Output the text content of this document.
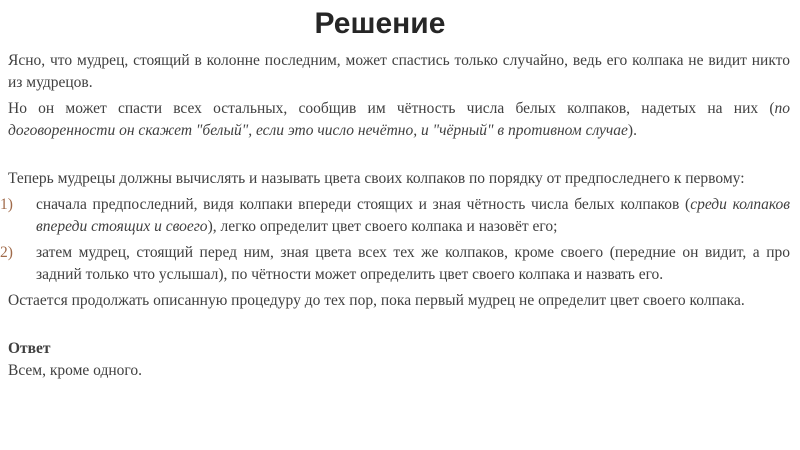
Решение

Ясно, что мудрец, стоящий в колонне последним, может спастись только случайно, ведь его колпака не видит никто из мудрецов.

Но он может спасти всех остальных, сообщив им чётность числа белых колпаков, надетых на них (по договоренности он скажет "белый", если это число нечётно, и "чёрный" в противном случае).

Теперь мудрецы должны вычислять и называть цвета своих колпаков по порядку от предпоследнего к первому:

1) сначала предпоследний, видя колпаки впереди стоящих и зная чётность числа белых колпаков (среди колпаков впереди стоящих и своего), легко определит цвет своего колпака и назовёт его;
2) затем мудрец, стоящий перед ним, зная цвета всех тех же колпаков, кроме своего (передние он видит, а про задний только что услышал), по чётности может определить цвет своего колпака и назвать его.

Остается продолжать описанную процедуру до тех пор, пока первый мудрец не определит цвет своего колпака.

Ответ

Всем, кроме одного.
